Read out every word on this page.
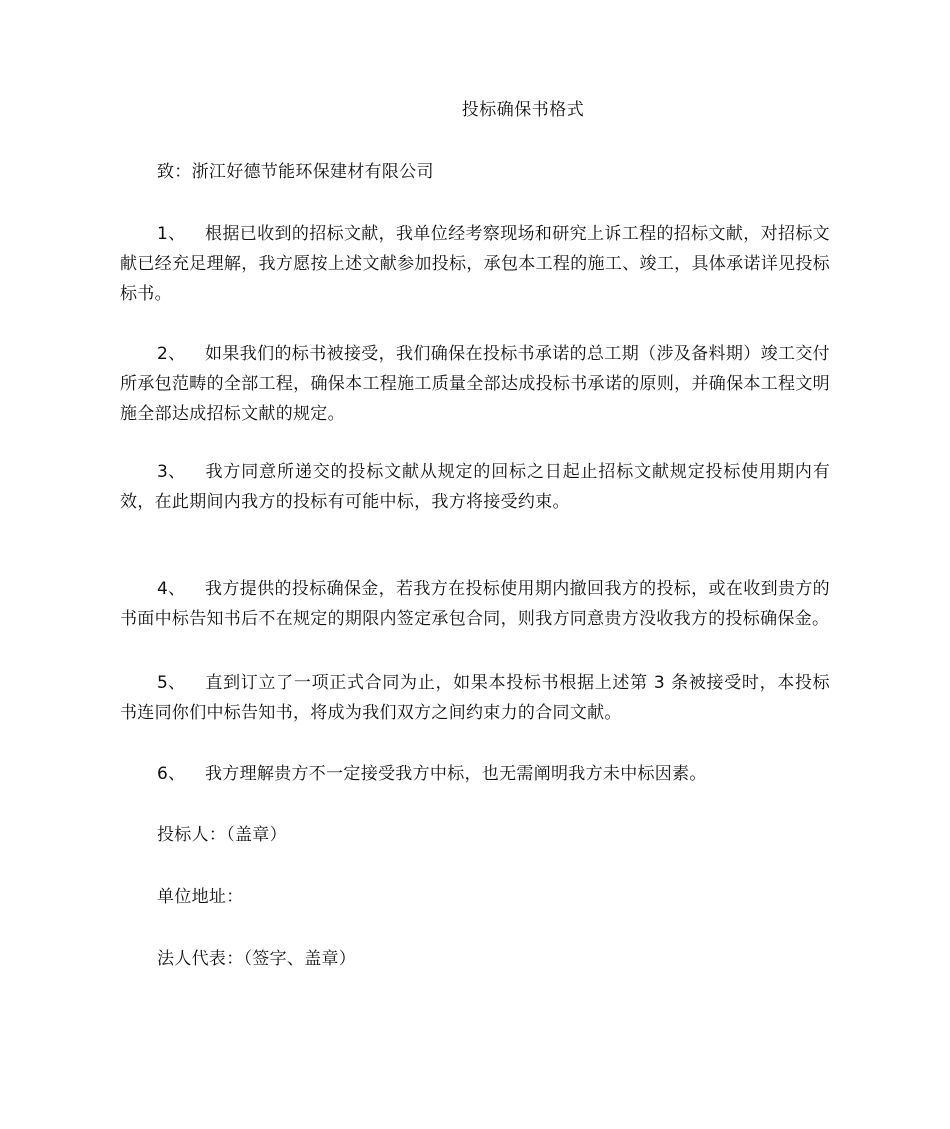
投标确保书格式
致：浙江好德节能环保建材有限公司
1、 根据已收到的招标文献，我单位经考察现场和研究上诉工程的招标文献，对招标文献已经充足理解，我方愿按上述文献参加投标，承包本工程的施工、竣工，具体承诺详见投标标书。
2、 如果我们的标书被接受，我们确保在投标书承诺的总工期（涉及备料期）竣工交付所承包范畴的全部工程，确保本工程施工质量全部达成投标书承诺的原则，并确保本工程文明施全部达成招标文献的规定。
3、 我方同意所递交的投标文献从规定的回标之日起止招标文献规定投标使用期内有效，在此期间内我方的投标有可能中标，我方将接受约束。
4、 我方提供的投标确保金，若我方在投标使用期内撤回我方的投标，或在收到贵方的书面中标告知书后不在规定的期限内签定承包合同，则我方同意贵方没收我方的投标确保金。
5、 直到订立了一项正式合同为止，如果本投标书根据上述第 3 条被接受时，本投标书连同你们中标告知书，将成为我们双方之间约束力的合同文献。
6、 我方理解贵方不一定接受我方中标，也无需阐明我方未中标因素。
投标人：（盖章）
单位地址：
法人代表：（签字、盖章）
